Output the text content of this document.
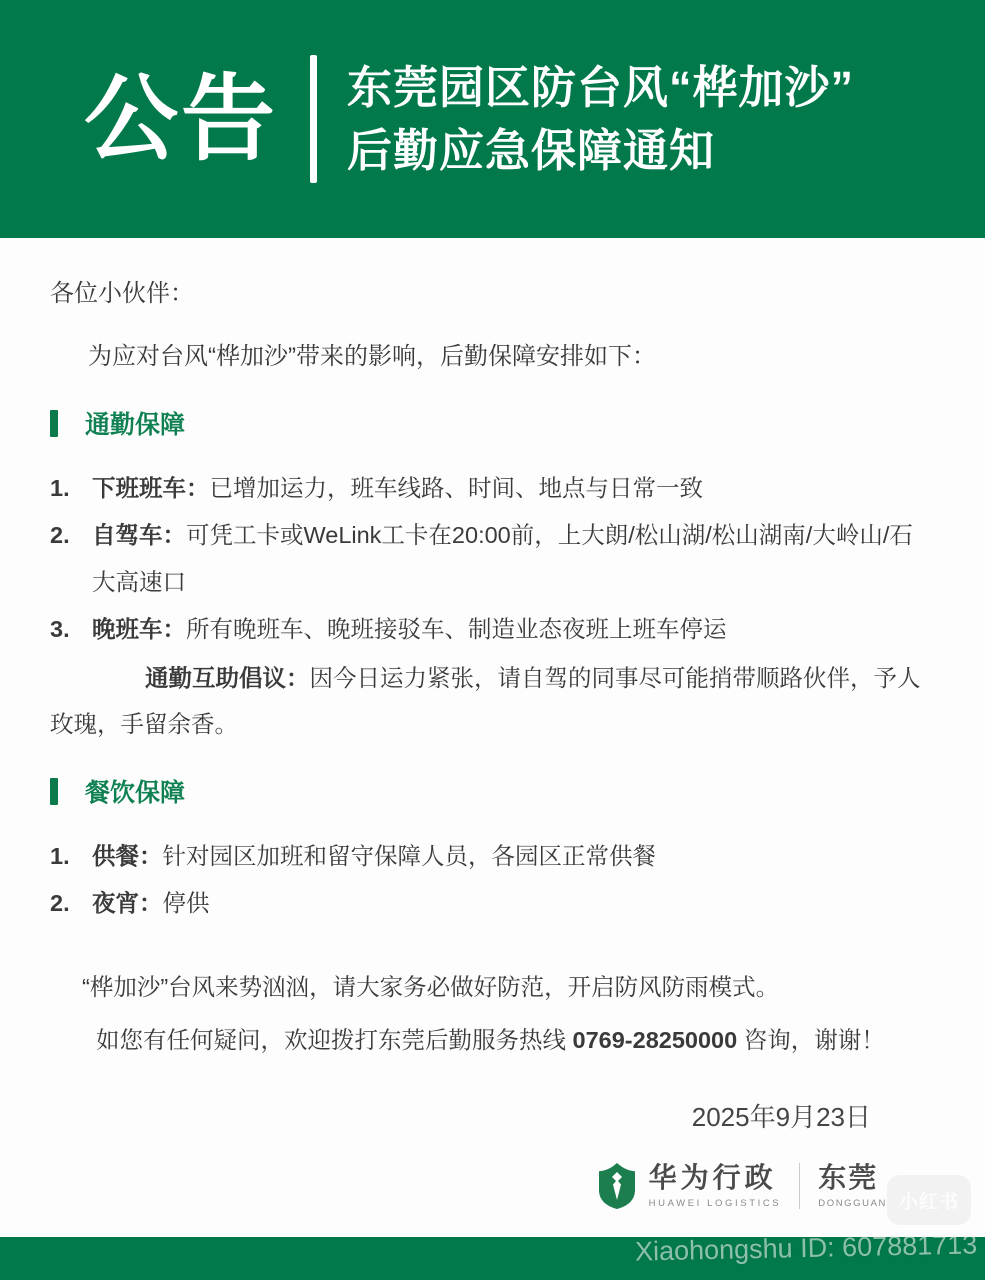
公告 东莞园区防台风“桦加沙”
后勤应急保障通知

各位小伙伴：

为应对台风“桦加沙”带来的影响，后勤保障安排如下：

通勤保障
1. 下班班车：已增加运力，班车线路、时间、地点与日常一致
2. 自驾车：可凭工卡或WeLink工卡在20:00前，上大朗/松山湖/松山湖南/大岭山/石大高速口
3. 晚班车：所有晚班车、晚班接驳车、制造业态夜班上班车停运

通勤互助倡议：因今日运力紧张，请自驾的同事尽可能捎带顺路伙伴，予人玫瑰，手留余香。

餐饮保障
1. 供餐：针对园区加班和留守保障人员，各园区正常供餐
2. 夜宵：停供

“桦加沙”台风来势汹汹，请大家务必做好防范，开启防风防雨模式。

如您有任何疑问，欢迎拨打东莞后勤服务热线 0769-28250000 咨询，谢谢！

2025年9月23日

华为行政
HUAWEI LOGISTICS
东莞
DONGGUAN 小红书
Xiaohongshu ID: 607881713
